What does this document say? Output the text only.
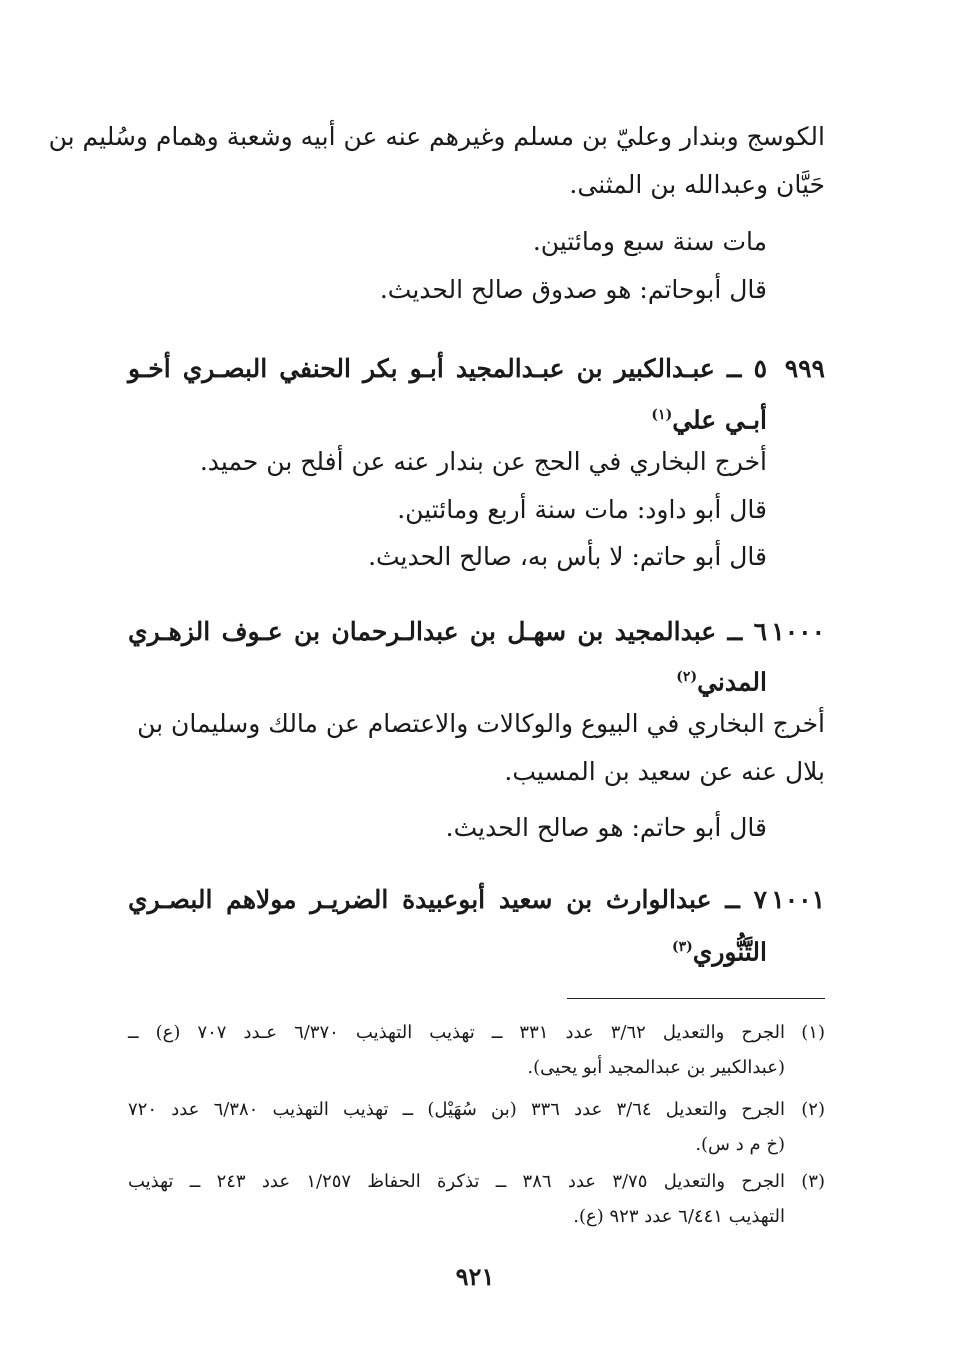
الكوسج وبندار وعليّ بن مسلم وغيرهم عنه عن أبيه وشعبة وهمام وسُليم بن
حَيَّان وعبدالله بن المثنى.
مات سنة سبع ومائتين.
قال أبوحاتم: هو صدوق صالح الحديث.
٩٩٩
٥ ــ عبـدالكبير بن عبـدالمجيد أبـو بكر الحنفي البصـري أخـو
أبـي علي$^{(١)}$
أخرج البخاري في الحج عن بندار عنه عن أفلح بن حميد.
قال أبو داود: مات سنة أربع ومائتين.
قال أبو حاتم: لا بأس به، صالح الحديث.
١٠٠٠
٦ ــ عبدالمجيد بن سهـل بن عبدالـرحمان بن عـوف الزهـري
المدني$^{(٢)}$
أخرج البخاري في البيوع والوكالات والاعتصام عن مالك وسليمان بن
بلال عنه عن سعيد بن المسيب.
قال أبو حاتم: هو صالح الحديث.
١٠٠١
٧ ــ عبدالوارث بن سعيد أبوعبيدة الضريـر مولاهم البصـري
التَّنُّوري$^{(٣)}$
(١)
الجرح والتعديل ٣/٦٢ عدد ٣٣١ ــ تهذيب التهذيب ٦/٣٧٠ عـدد ٧٠٧ (ع) ــ
(عبدالكبير بن عبدالمجيد أبو يحيى).
(٢)
الجرح والتعديل ٣/٦٤ عدد ٣٣٦ (بن سُهَيْل) ــ تهذيب التهذيب ٦/٣٨٠ عدد ٧٢٠
(خ م د س).
(٣)
الجرح والتعديل ٣/٧٥ عدد ٣٨٦ ــ تذكرة الحفاظ ١/٢٥٧ عدد ٢٤٣ ــ تهذيب
التهذيب ٦/٤٤١ عدد ٩٢٣ (ع).
٩٢١
